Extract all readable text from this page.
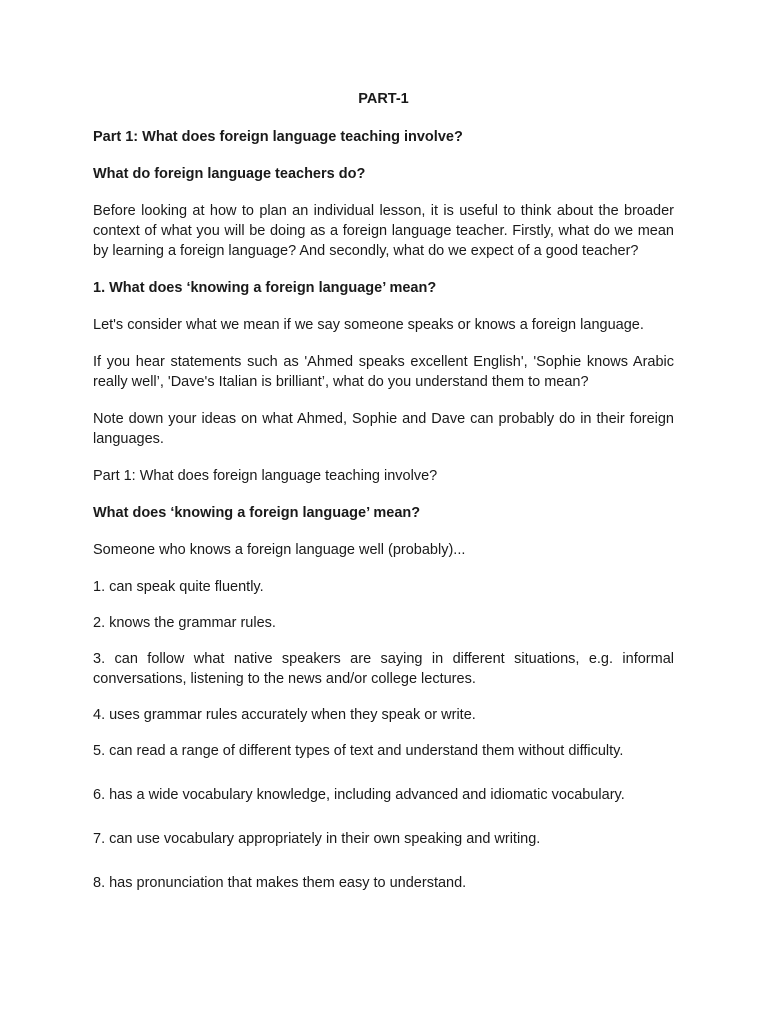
PART-1

Part 1: What does foreign language teaching involve?

What do foreign language teachers do?

Before looking at how to plan an individual lesson, it is useful to think about the broader context of what you will be doing as a foreign language teacher. Firstly, what do we mean by learning a foreign language? And secondly, what do we expect of a good teacher?

1. What does ‘knowing a foreign language’ mean?

Let's consider what we mean if we say someone speaks or knows a foreign language.

If you hear statements such as 'Ahmed speaks excellent English', 'Sophie knows Arabic really well’, 'Dave's Italian is brilliant’, what do you understand them to mean?

Note down your ideas on what Ahmed, Sophie and Dave can probably do in their foreign languages.

Part 1: What does foreign language teaching involve?

What does ‘knowing a foreign language’ mean?

Someone who knows a foreign language well (probably)...

1. can speak quite fluently.

2. knows the grammar rules.

3. can follow what native speakers are saying in different situations, e.g. informal conversations, listening to the news and/or college lectures.

4. uses grammar rules accurately when they speak or write.

5. can read a range of different types of text and understand them without difficulty.

6. has a wide vocabulary knowledge, including advanced and idiomatic vocabulary.

7. can use vocabulary appropriately in their own speaking and writing.

8. has pronunciation that makes them easy to understand.
